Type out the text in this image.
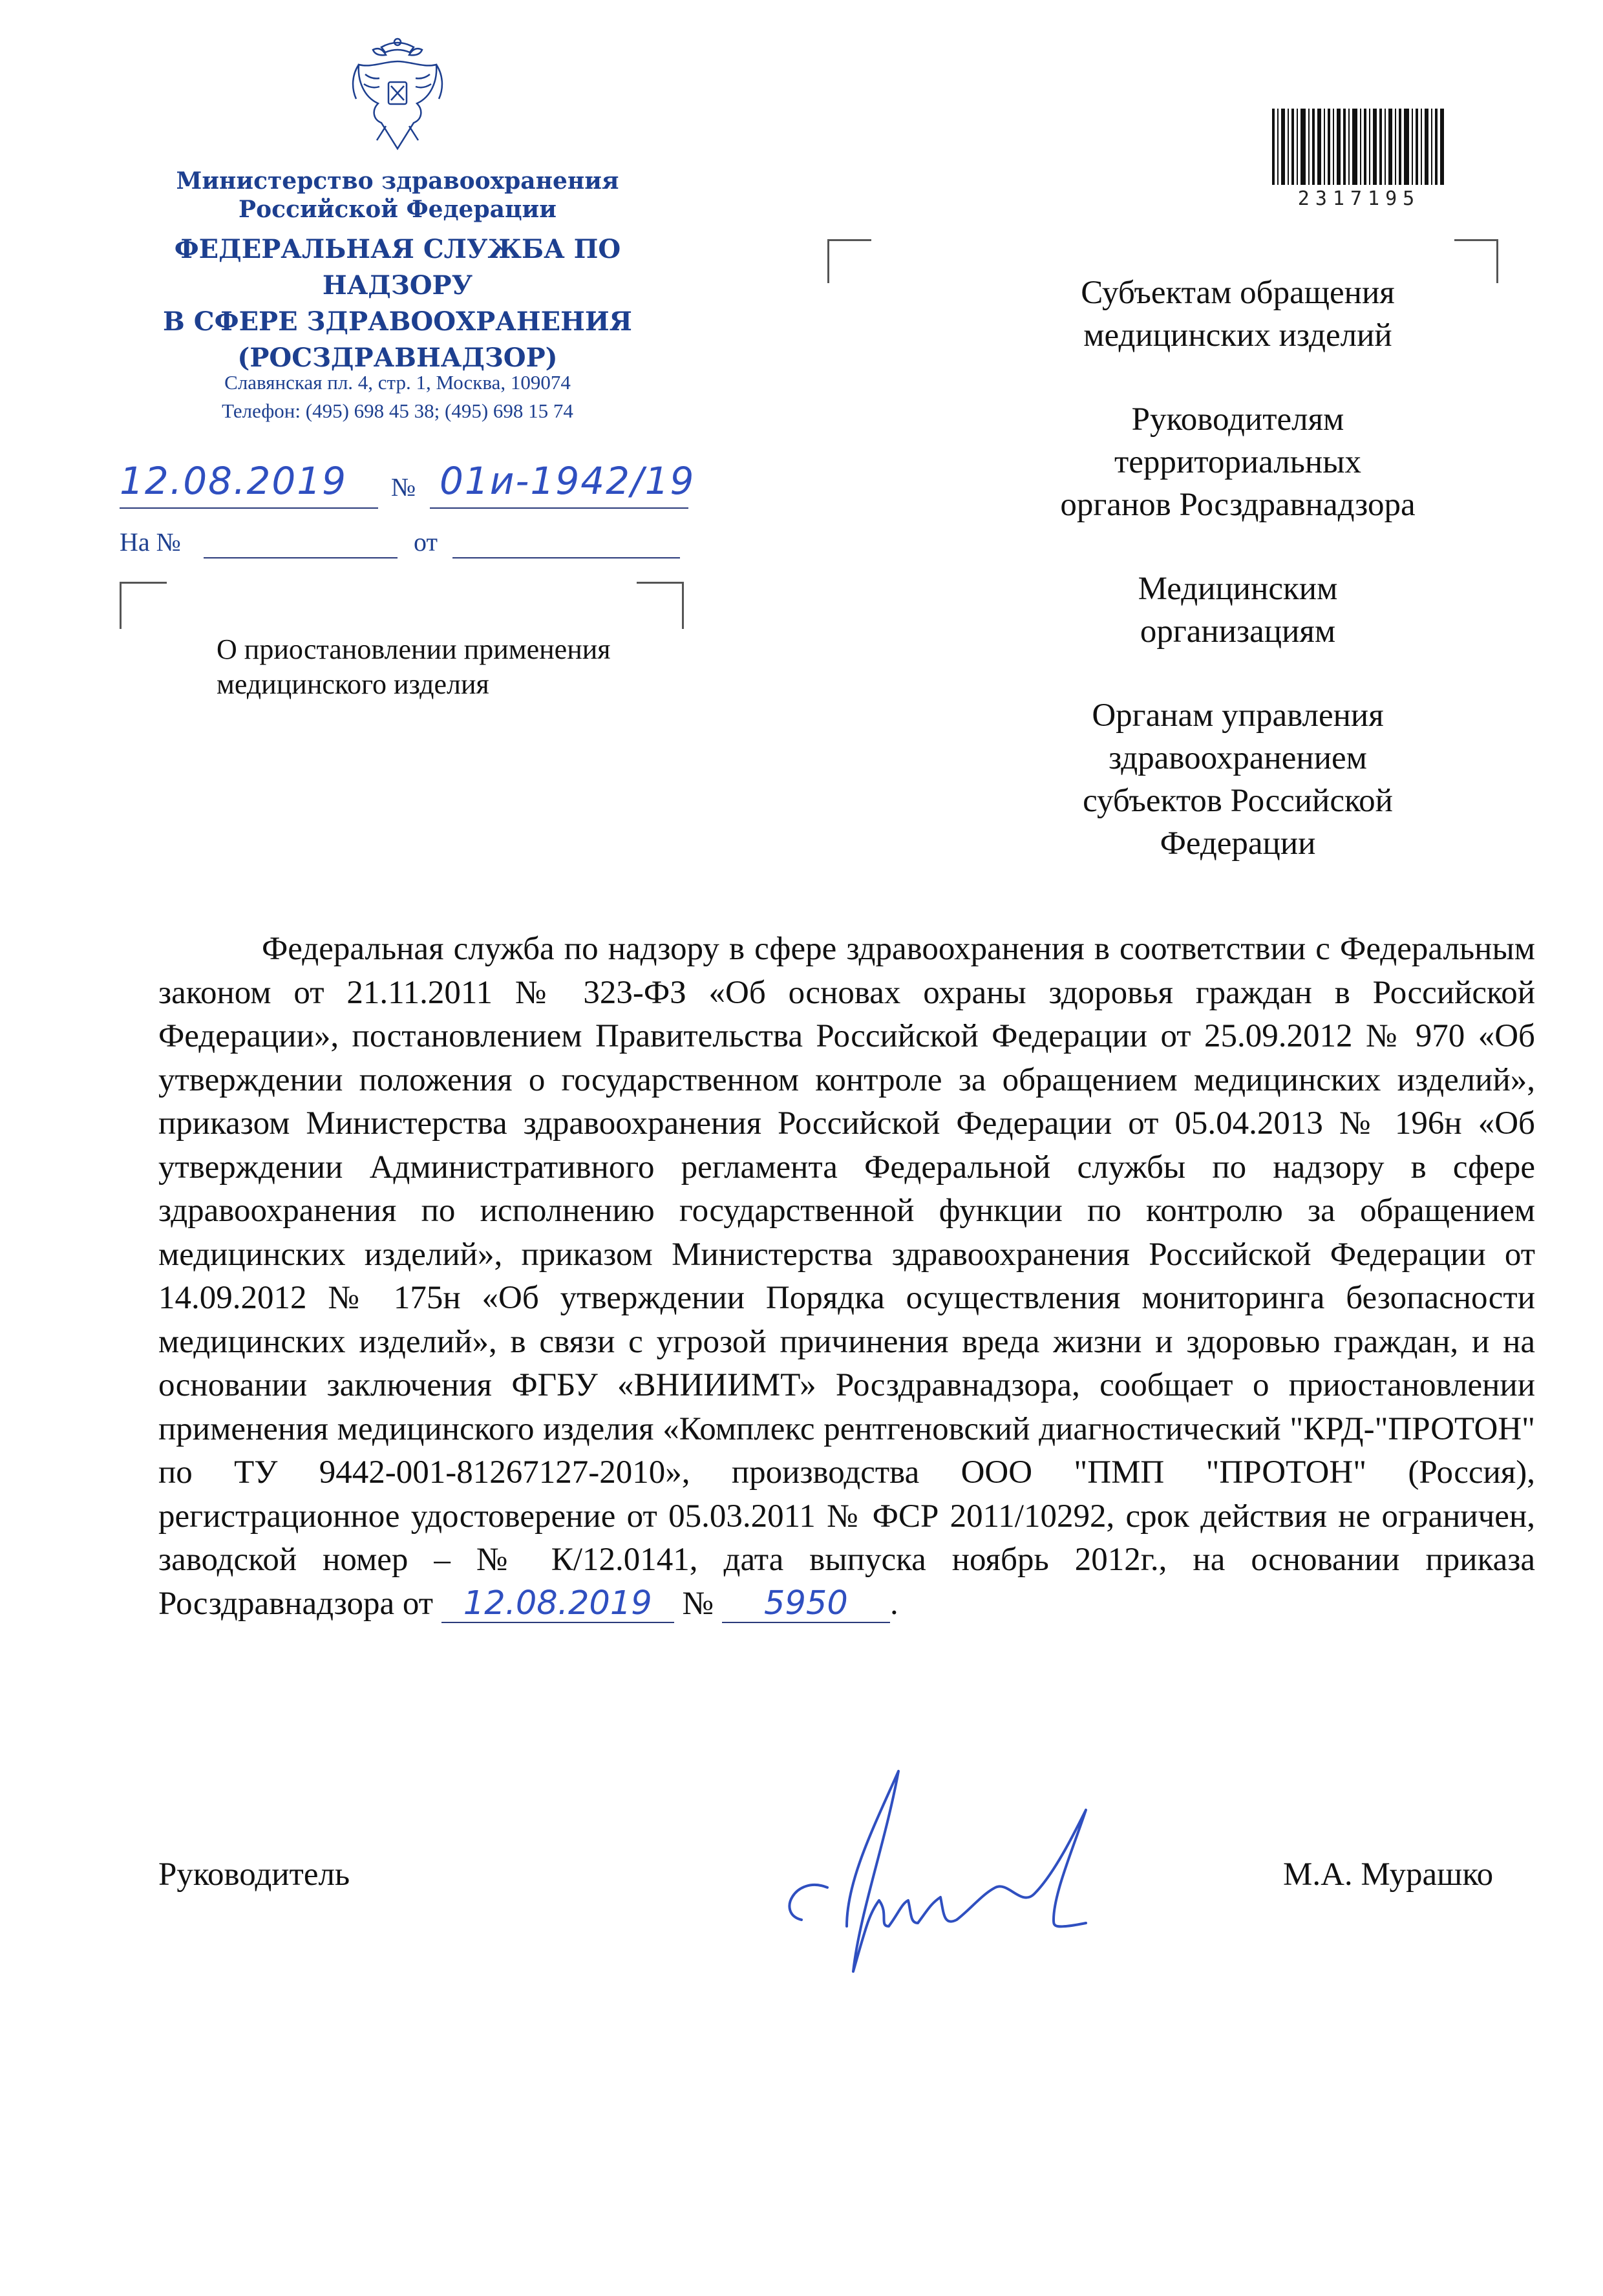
Министерство здравоохранения
Российской Федерации
ФЕДЕРАЛЬНАЯ СЛУЖБА ПО НАДЗОРУ
В СФЕРЕ ЗДРАВООХРАНЕНИЯ
(РОСЗДРАВНАДЗОР)
Славянская пл. 4, стр. 1, Москва, 109074
Телефон: (495) 698 45 38; (495) 698 15 74
12.08.2019 № 01и-1942/19
На №	от
О приостановлении применения
медицинского изделия
2317195

Субъектам обращения
медицинских изделий

Руководителям
территориальных
органов Росздравнадзора

Медицинским
организациям

Органам управления
здравоохранением
субъектов Российской
Федерации

Федеральная служба по надзору в сфере здравоохранения в соответствии с Федеральным законом от 21.11.2011 № 323-ФЗ «Об основах охраны здоровья граждан в Российской Федерации», постановлением Правительства Российской Федерации от 25.09.2012 № 970 «Об утверждении положения о государственном контроле за обращением медицинских изделий», приказом Министерства здравоохранения Российской Федерации от 05.04.2013 № 196н «Об утверждении Административного регламента Федеральной службы по надзору в сфере здравоохранения по исполнению государственной функции по контролю за обращением медицинских изделий», приказом Министерства здравоохранения Российской Федерации от 14.09.2012 № 175н «Об утверждении Порядка осуществления мониторинга безопасности медицинских изделий», в связи с угрозой причинения вреда жизни и здоровью граждан, и на основании заключения ФГБУ «ВНИИИМТ» Росздравнадзора, сообщает о приостановлении применения медицинского изделия «Комплекс рентгеновский диагностический "КРД-"ПРОТОН" по ТУ 9442-001-81267127-2010», производства ООО "ПМП "ПРОТОН" (Россия), регистрационное удостоверение от 05.03.2011 № ФСР 2011/10292, срок действия не ограничен, заводской номер – № К/12.0141, дата выпуска ноябрь 2012г., на основании приказа Росздравнадзора от 12.08.2019 № 5950 .

Руководитель	М.А. Мурашко
